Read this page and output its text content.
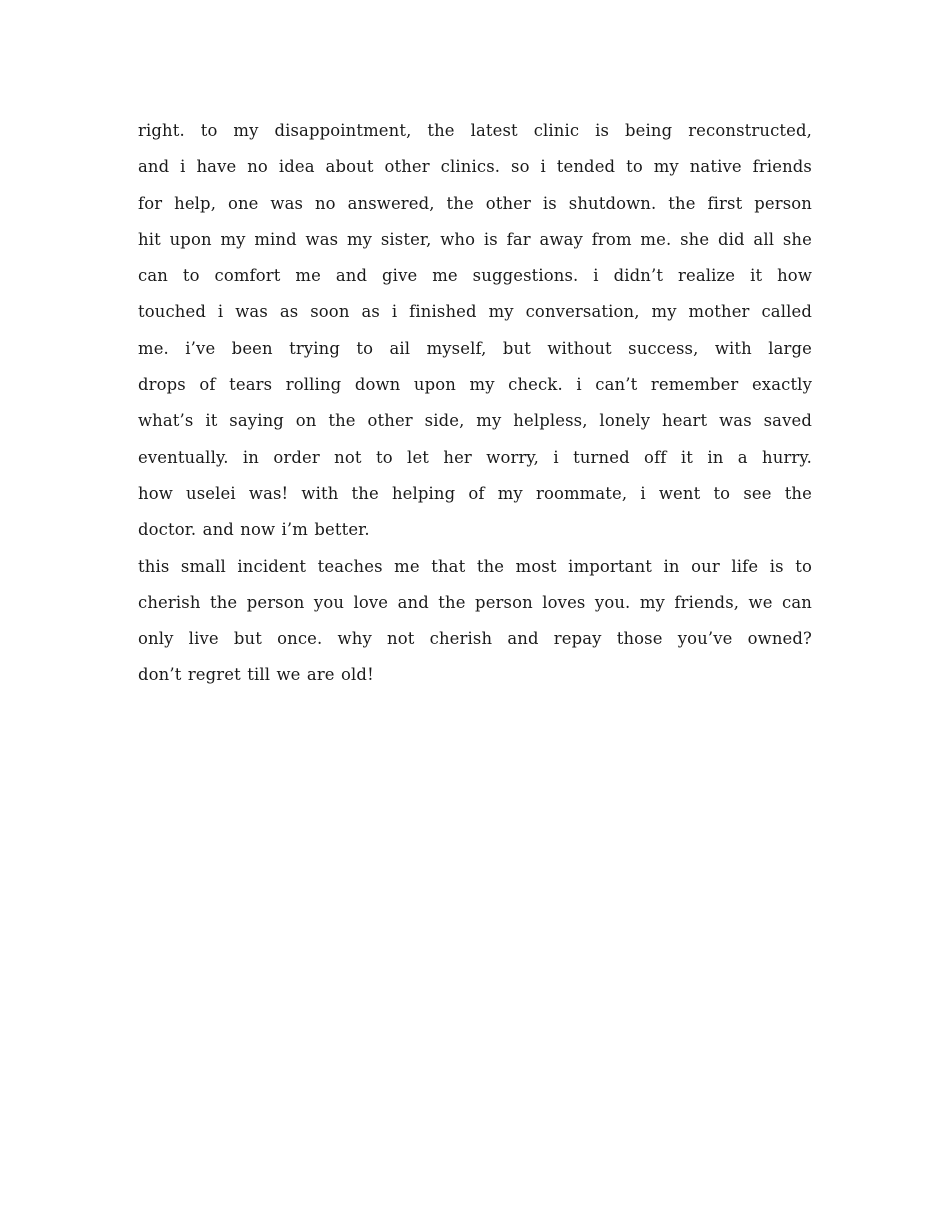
right. to my disappointment, the latest clinic is being reconstructed,
and i have no idea about other clinics. so i tended to my native friends
for help, one was no answered, the other is shutdown. the first person
hit upon my mind was my sister, who is far away from me. she did all she
can to comfort me and give me suggestions. i didn’t realize it how
touched i was as soon as i finished my conversation, my mother called
me. i’ve been trying to ail myself, but without success, with large
drops of tears rolling down upon my check. i can’t remember exactly
what’s it saying on the other side, my helpless, lonely heart was saved
eventually. in order not to let her worry, i turned off it in a hurry.
how uselei was! with the helping of my roommate, i went to see the
doctor. and now i’m better.

this small incident teaches me that the most important in our life is to
cherish the person you love and the person loves you. my friends, we can
only live but once. why not cherish and repay those you’ve owned?
don’t regret till we are old!
